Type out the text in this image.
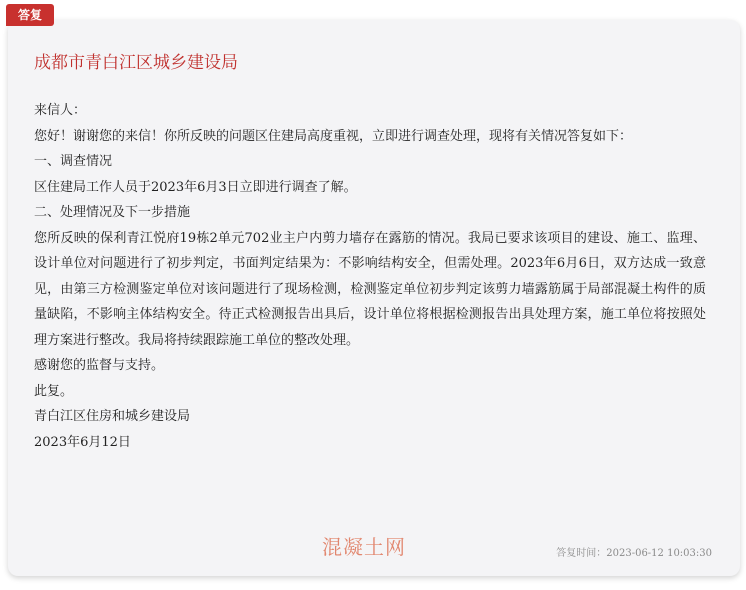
答复
成都市青白江区城乡建设局

来信人：

您好！谢谢您的来信！你所反映的问题区住建局高度重视，立即进行调查处理，现将有关情况答复如下：

一、调查情况

区住建局工作人员于2023年6月3日立即进行调查了解。

二、处理情况及下一步措施

您所反映的保利青江悦府19栋2单元702业主户内剪力墙存在露筋的情况。我局已要求该项目的建设、施工、监理、设计单位对问题进行了初步判定，书面判定结果为：不影响结构安全，但需处理。2023年6月6日，双方达成一致意见，由第三方检测鉴定单位对该问题进行了现场检测，检测鉴定单位初步判定该剪力墙露筋属于局部混凝土构件的质量缺陷，不影响主体结构安全。待正式检测报告出具后，设计单位将根据检测报告出具处理方案，施工单位将按照处理方案进行整改。我局将持续跟踪施工单位的整改处理。

感谢您的监督与支持。

此复。

青白江区住房和城乡建设局

2023年6月12日

混凝土网	答复时间：2023-06-12 10:03:30
